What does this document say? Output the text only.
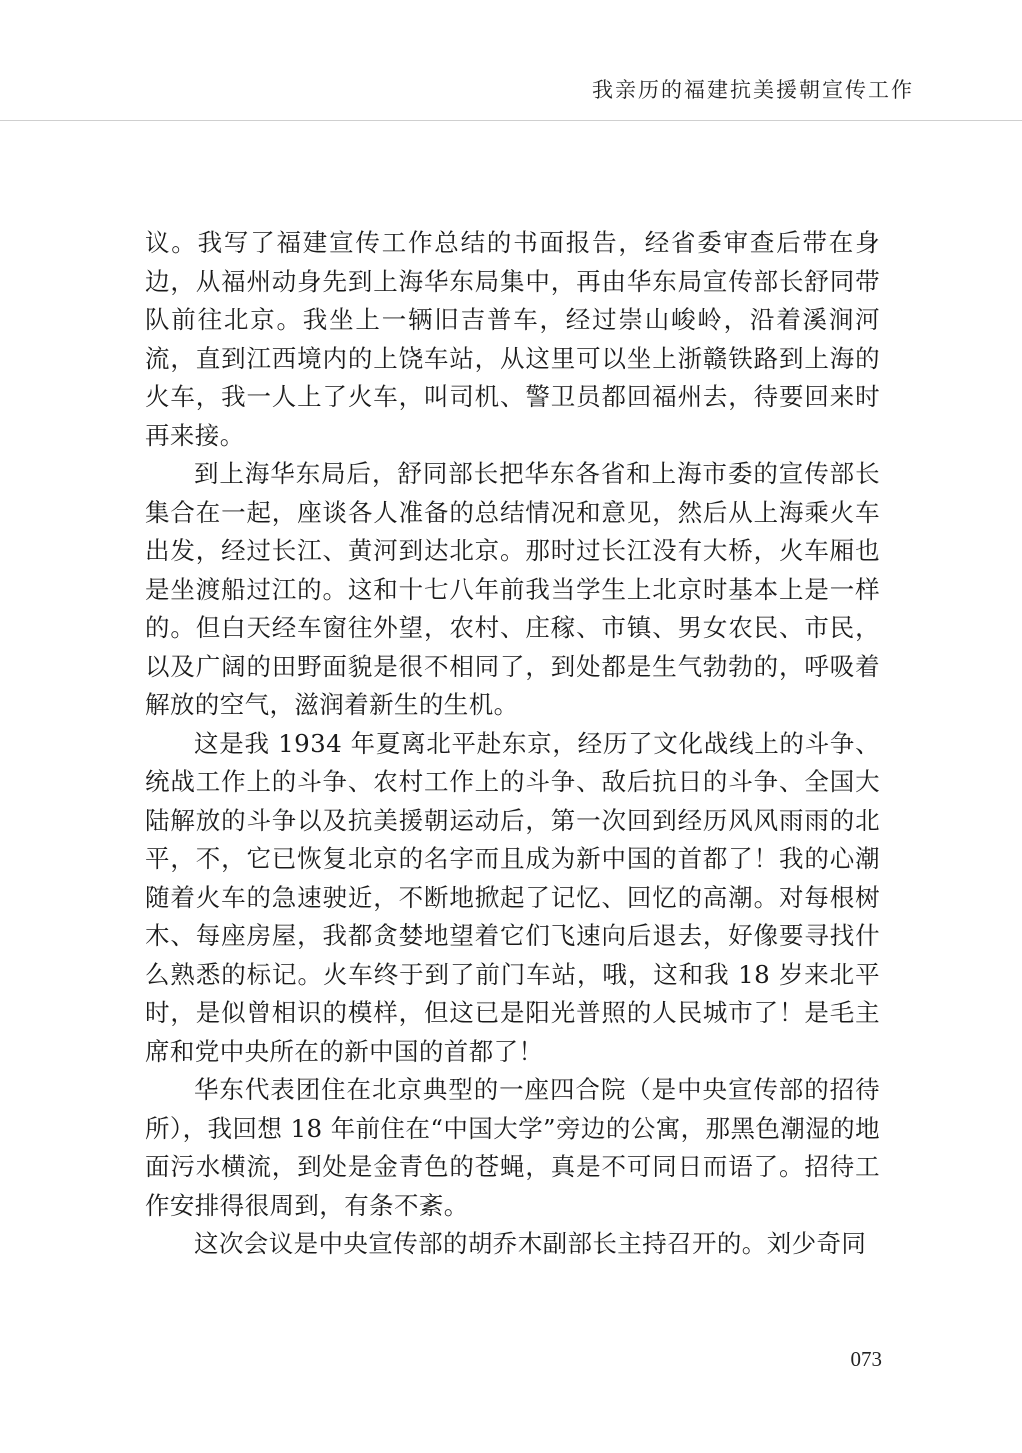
我亲历的福建抗美援朝宣传工作

议。我写了福建宣传工作总结的书面报告，经省委审查后带在身边，从福州动身先到上海华东局集中，再由华东局宣传部长舒同带队前往北京。我坐上一辆旧吉普车，经过崇山峻岭，沿着溪涧河流，直到江西境内的上饶车站，从这里可以坐上浙赣铁路到上海的火车，我一人上了火车，叫司机、警卫员都回福州去，待要回来时再来接。

到上海华东局后，舒同部长把华东各省和上海市委的宣传部长集合在一起，座谈各人准备的总结情况和意见，然后从上海乘火车出发，经过长江、黄河到达北京。那时过长江没有大桥，火车厢也是坐渡船过江的。这和十七八年前我当学生上北京时基本上是一样的。但白天经车窗往外望，农村、庄稼、市镇、男女农民、市民，以及广阔的田野面貌是很不相同了，到处都是生气勃勃的，呼吸着解放的空气，滋润着新生的生机。

这是我 1934 年夏离北平赴东京，经历了文化战线上的斗争、统战工作上的斗争、农村工作上的斗争、敌后抗日的斗争、全国大陆解放的斗争以及抗美援朝运动后，第一次回到经历风风雨雨的北平，不，它已恢复北京的名字而且成为新中国的首都了！我的心潮随着火车的急速驶近，不断地掀起了记忆、回忆的高潮。对每根树木、每座房屋，我都贪婪地望着它们飞速向后退去，好像要寻找什么熟悉的标记。火车终于到了前门车站，哦，这和我 18 岁来北平时，是似曾相识的模样，但这已是阳光普照的人民城市了！是毛主席和党中央所在的新中国的首都了！

华东代表团住在北京典型的一座四合院（是中央宣传部的招待所），我回想 18 年前住在“中国大学”旁边的公寓，那黑色潮湿的地面污水横流，到处是金青色的苍蝇，真是不可同日而语了。招待工作安排得很周到，有条不紊。

这次会议是中央宣传部的胡乔木副部长主持召开的。刘少奇同

073
